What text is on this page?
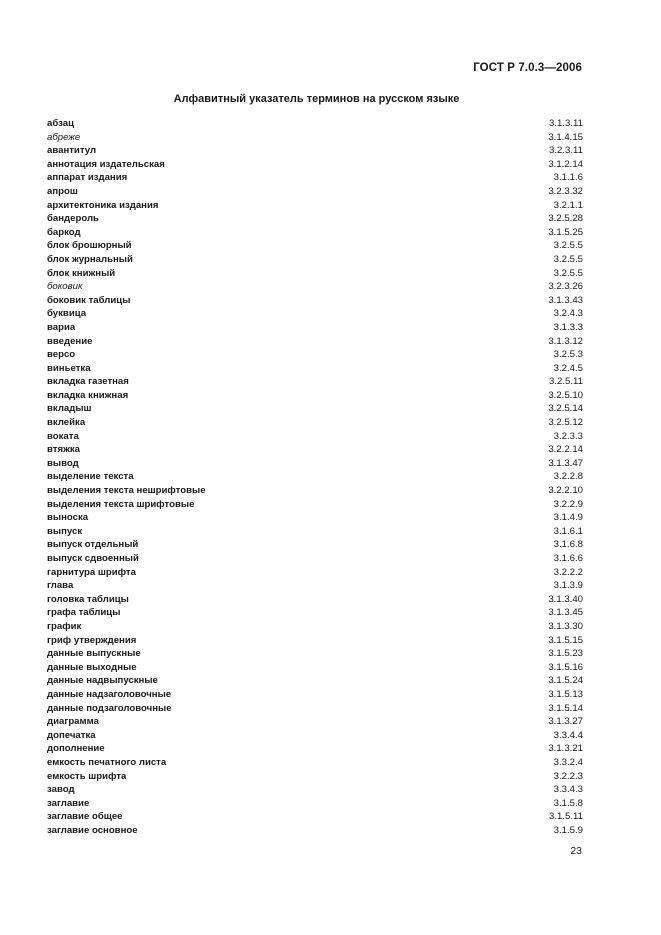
ГОСТ Р 7.0.3—2006
Алфавитный указатель терминов на русском языке
абзац	3.1.3.11
абреже	3.1.4.15
авантитул	3.2.3.11
аннотация издательская	3.1.2.14
аппарат издания	3.1.1.6
апрош	3.2.3.32
архитектоника издания	3.2.1.1
бандероль	3.2.5.28
баркод	3.1.5.25
блок брошюрный	3.2.5.5
блок журнальный	3.2.5.5
блок книжный	3.2.5.5
боковик	3.2.3.26
боковик таблицы	3.1.3.43
буквица	3.2.4.3
вариа	3.1.3.3
введение	3.1.3.12
версо	3.2.5.3
виньетка	3.2.4.5
вкладка газетная	3.2.5.11
вкладка книжная	3.2.5.10
вкладыш	3.2.5.14
вклейка	3.2.5.12
воката	3.2.3.3
втяжка	3.2.2.14
вывод	3.1.3.47
выделение текста	3.2.2.8
выделения текста нешрифтовые	3.2.2.10
выделения текста шрифтовые	3.2.2.9
выноска	3.1.4.9
выпуск	3.1.6.1
выпуск отдельный	3.1.6.8
выпуск сдвоенный	3.1.6.6
гарнитура шрифта	3.2.2.2
глава	3.1.3.9
головка таблицы	3.1.3.40
графа таблицы	3.1.3.45
график	3.1.3.30
гриф утверждения	3.1.5.15
данные выпускные	3.1.5.23
данные выходные	3.1.5.16
данные надвыпускные	3.1.5.24
данные надзаголовочные	3.1.5.13
данные подзаголовочные	3.1.5.14
диаграмма	3.1.3.27
допечатка	3.3.4.4
дополнение	3.1.3.21
емкость печатного листа	3.3.2.4
емкость шрифта	3.2.2.3
завод	3.3.4.3
заглавие	3.1.5.8
заглавие общее	3.1.5.11
заглавие основное	3.1.5.9
23
